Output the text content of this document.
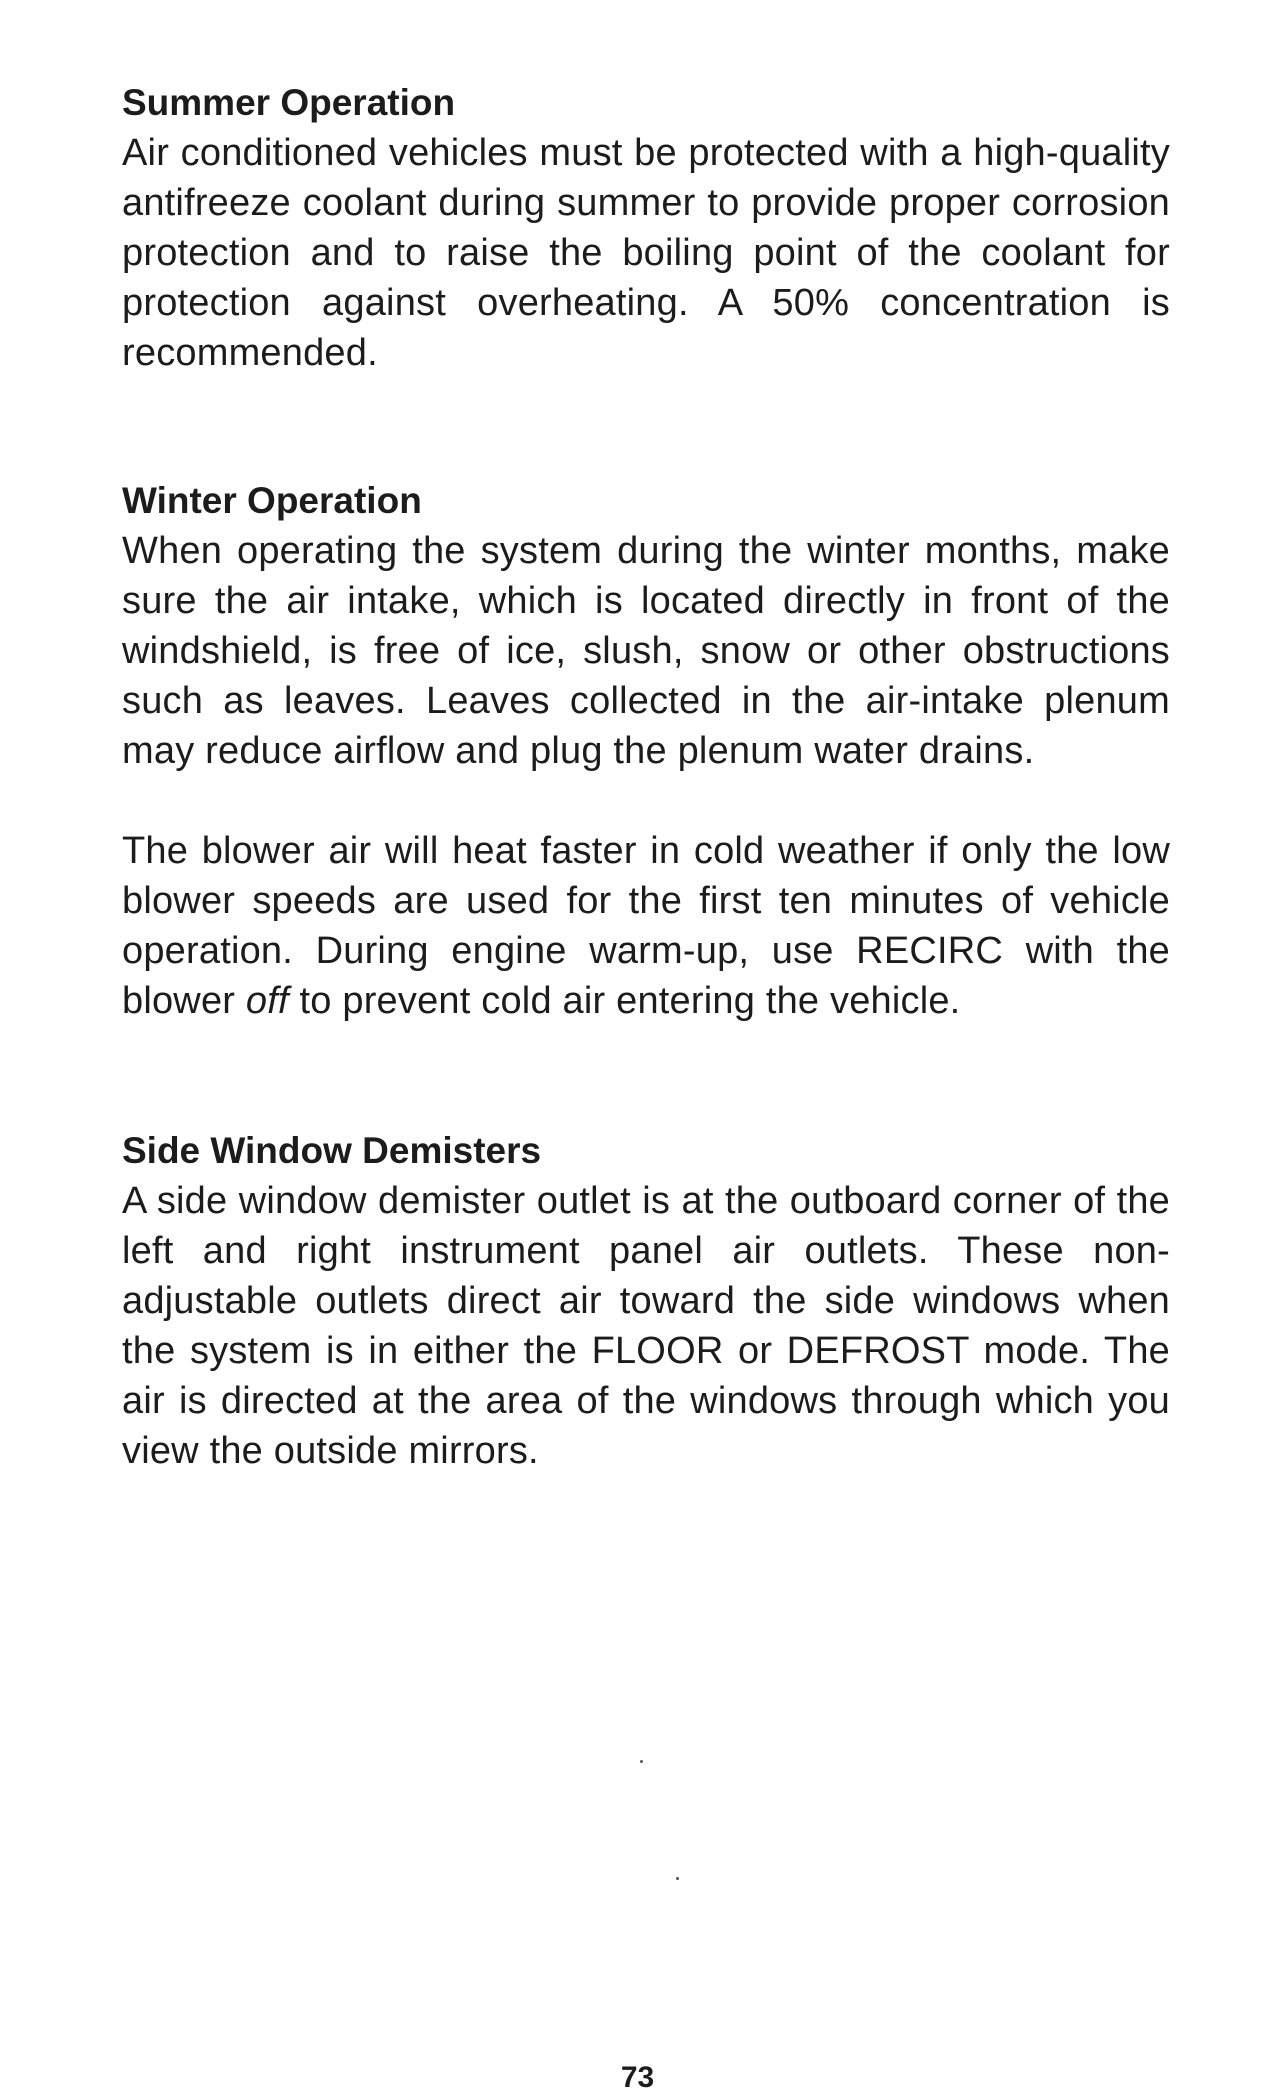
Summer Operation

Air conditioned vehicles must be protected with a high-quality antifreeze coolant during summer to provide proper corrosion protection and to raise the boiling point of the coolant for protection against overheating. A 50% concentration is recommended.

Winter Operation

When operating the system during the winter months, make sure the air intake, which is located directly in front of the windshield, is free of ice, slush, snow or other obstructions such as leaves. Leaves collected in the air-intake plenum may reduce airflow and plug the plenum water drains.

The blower air will heat faster in cold weather if only the low blower speeds are used for the first ten minutes of vehicle operation. During engine warm-up, use RECIRC with the blower off to prevent cold air entering the vehicle.

Side Window Demisters

A side window demister outlet is at the outboard corner of the left and right instrument panel air outlets. These non-adjustable outlets direct air toward the side windows when the system is in either the FLOOR or DEFROST mode. The air is directed at the area of the windows through which you view the outside mirrors.

73
